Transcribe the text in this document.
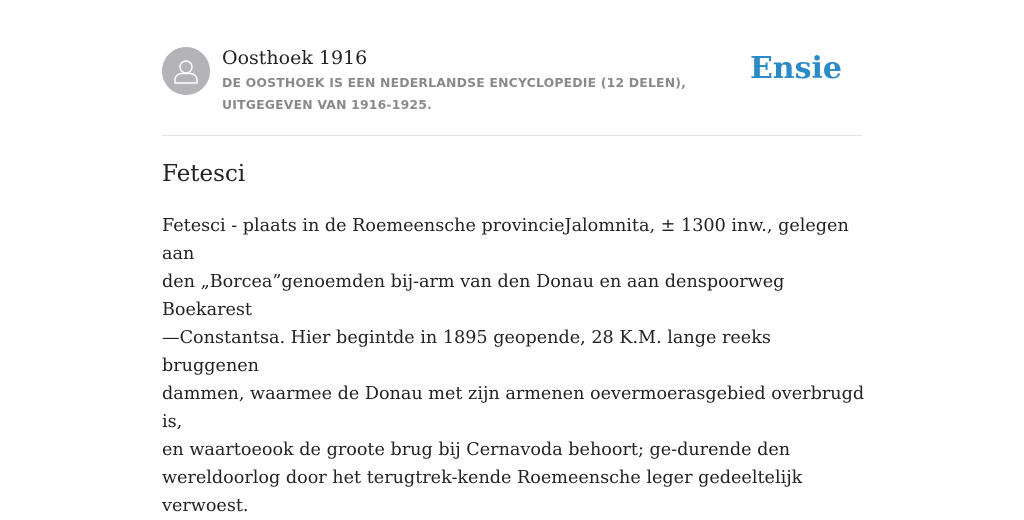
Oosthoek 1916
DE OOSTHOEK IS EEN NEDERLANDSE ENCYCLOPEDIE (12 DELEN), UITGEGEVEN VAN 1916-1925.
Ensie
Fetesci

Fetesci - plaats in de Roemeensche provincieJalomnita, ± 1300 inw., gelegen aan
den „Borcea”genoemden bij-arm van den Donau en aan denspoorweg Boekarest
—Constantsa. Hier begintde in 1895 geopende, 28 K.M. lange reeks bruggenen
dammen, waarmee de Donau met zijn armenen oevermoerasgebied overbrugd is,
en waartoeook de groote brug bij Cernavoda behoort; ge-durende den
wereldoorlog door het terugtrek-kende Roemeensche leger gedeeltelijk verwoest.
